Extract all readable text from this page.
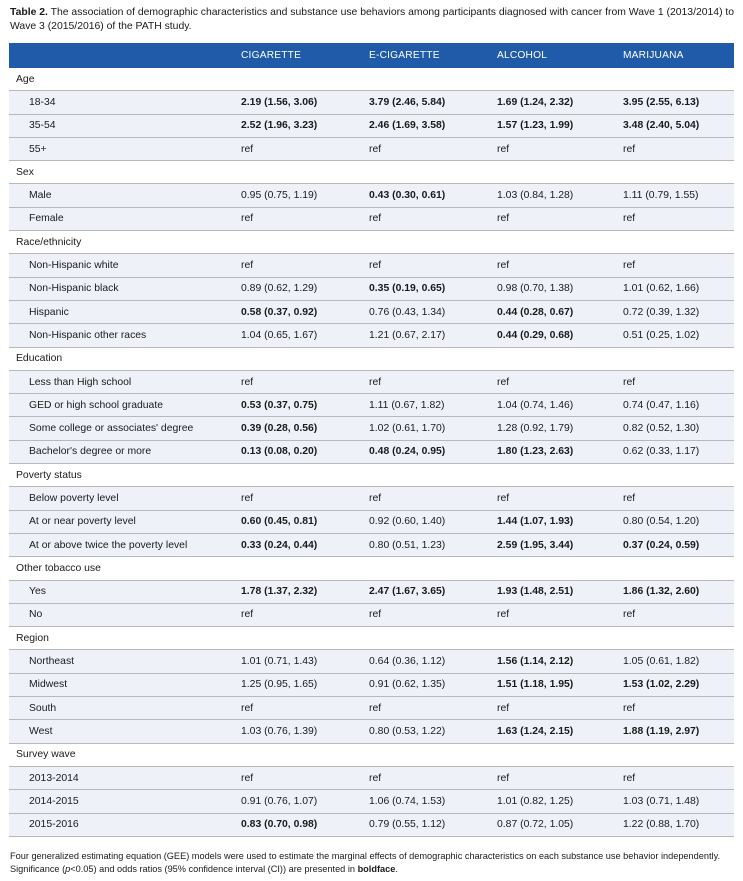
Table 2. The association of demographic characteristics and substance use behaviors among participants diagnosed with cancer from Wave 1 (2013/2014) to Wave 3 (2015/2016) of the PATH study.
	CIGARETTE	E-CIGARETTE	ALCOHOL	MARIJUANA
Age				
18-34	2.19 (1.56, 3.06)	3.79 (2.46, 5.84)	1.69 (1.24, 2.32)	3.95 (2.55, 6.13)
35-54	2.52 (1.96, 3.23)	2.46 (1.69, 3.58)	1.57 (1.23, 1.99)	3.48 (2.40, 5.04)
55+	ref	ref	ref	ref
Sex				
Male	0.95 (0.75, 1.19)	0.43 (0.30, 0.61)	1.03 (0.84, 1.28)	1.11 (0.79, 1.55)
Female	ref	ref	ref	ref
Race/ethnicity				
Non-Hispanic white	ref	ref	ref	ref
Non-Hispanic black	0.89 (0.62, 1.29)	0.35 (0.19, 0.65)	0.98 (0.70, 1.38)	1.01 (0.62, 1.66)
Hispanic	0.58 (0.37, 0.92)	0.76 (0.43, 1.34)	0.44 (0.28, 0.67)	0.72 (0.39, 1.32)
Non-Hispanic other races	1.04 (0.65, 1.67)	1.21 (0.67, 2.17)	0.44 (0.29, 0.68)	0.51 (0.25, 1.02)
Education				
Less than High school	ref	ref	ref	ref
GED or high school graduate	0.53 (0.37, 0.75)	1.11 (0.67, 1.82)	1.04 (0.74, 1.46)	0.74 (0.47, 1.16)
Some college or associates' degree	0.39 (0.28, 0.56)	1.02 (0.61, 1.70)	1.28 (0.92, 1.79)	0.82 (0.52, 1.30)
Bachelor's degree or more	0.13 (0.08, 0.20)	0.48 (0.24, 0.95)	1.80 (1.23, 2.63)	0.62 (0.33, 1.17)
Poverty status				
Below poverty level	ref	ref	ref	ref
At or near poverty level	0.60 (0.45, 0.81)	0.92 (0.60, 1.40)	1.44 (1.07, 1.93)	0.80 (0.54, 1.20)
At or above twice the poverty level	0.33 (0.24, 0.44)	0.80 (0.51, 1.23)	2.59 (1.95, 3.44)	0.37 (0.24, 0.59)
Other tobacco use				
Yes	1.78 (1.37, 2.32)	2.47 (1.67, 3.65)	1.93 (1.48, 2.51)	1.86 (1.32, 2.60)
No	ref	ref	ref	ref
Region				
Northeast	1.01 (0.71, 1.43)	0.64 (0.36, 1.12)	1.56 (1.14, 2.12)	1.05 (0.61, 1.82)
Midwest	1.25 (0.95, 1.65)	0.91 (0.62, 1.35)	1.51 (1.18, 1.95)	1.53 (1.02, 2.29)
South	ref	ref	ref	ref
West	1.03 (0.76, 1.39)	0.80 (0.53, 1.22)	1.63 (1.24, 2.15)	1.88 (1.19, 2.97)
Survey wave				
2013-2014	ref	ref	ref	ref
2014-2015	0.91 (0.76, 1.07)	1.06 (0.74, 1.53)	1.01 (0.82, 1.25)	1.03 (0.71, 1.48)
2015-2016	0.83 (0.70, 0.98)	0.79 (0.55, 1.12)	0.87 (0.72, 1.05)	1.22 (0.88, 1.70)
Four generalized estimating equation (GEE) models were used to estimate the marginal effects of demographic characteristics on each substance use behavior independently. Significance (p<0.05) and odds ratios (95% confidence interval (CI)) are presented in boldface.
